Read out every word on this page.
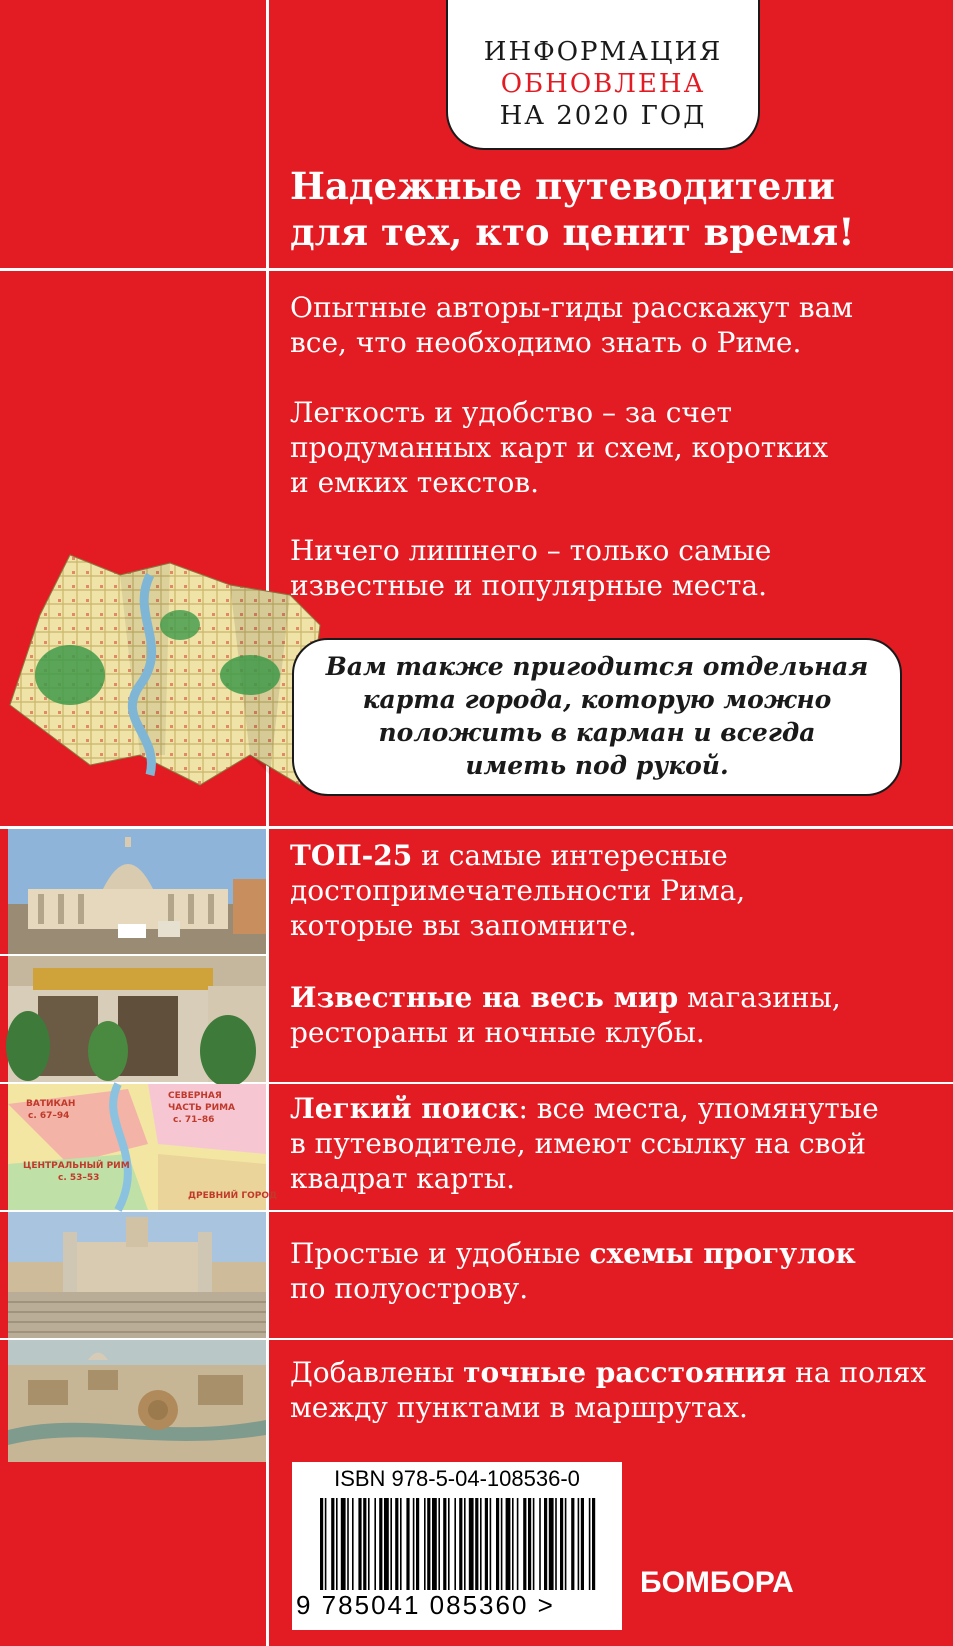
ИНФОРМАЦИЯ
ОБНОВЛЕНА
НА 2020 ГОД
Надежные путеводители
для тех, кто ценит время!
Опытные авторы-гиды расскажут вам
все, что необходимо знать о Риме.
Легкость и удобство – за счет
продуманных карт и схем, коротких
и емких текстов.
Ничего лишнего – только самые
известные и популярные места.
Вам также пригодится отдельная
карта города, которую можно
положить в карман и всегда
иметь под рукой.
ВАТИКАН
с. 67–94
СЕВЕРНАЯ
ЧАСТЬ РИМА
с. 71–86
ЦЕНТРАЛЬНЫЙ РИМ
с. 53–53
ДРЕВНИЙ ГОРОД
ТОП-25 и самые интересные
достопримечательности Рима,
которые вы запомните.
Известные на весь мир магазины,
рестораны и ночные клубы.
Легкий поиск: все места, упомянутые
в путеводителе, имеют ссылку на свой
квадрат карты.
Простые и удобные схемы прогулок
по полуострову.
Добавлены точные расстояния на полях
между пунктами в маршрутах.
ISBN 978-5-04-108536-0
9 785041 085360 >
БОМБОРА
